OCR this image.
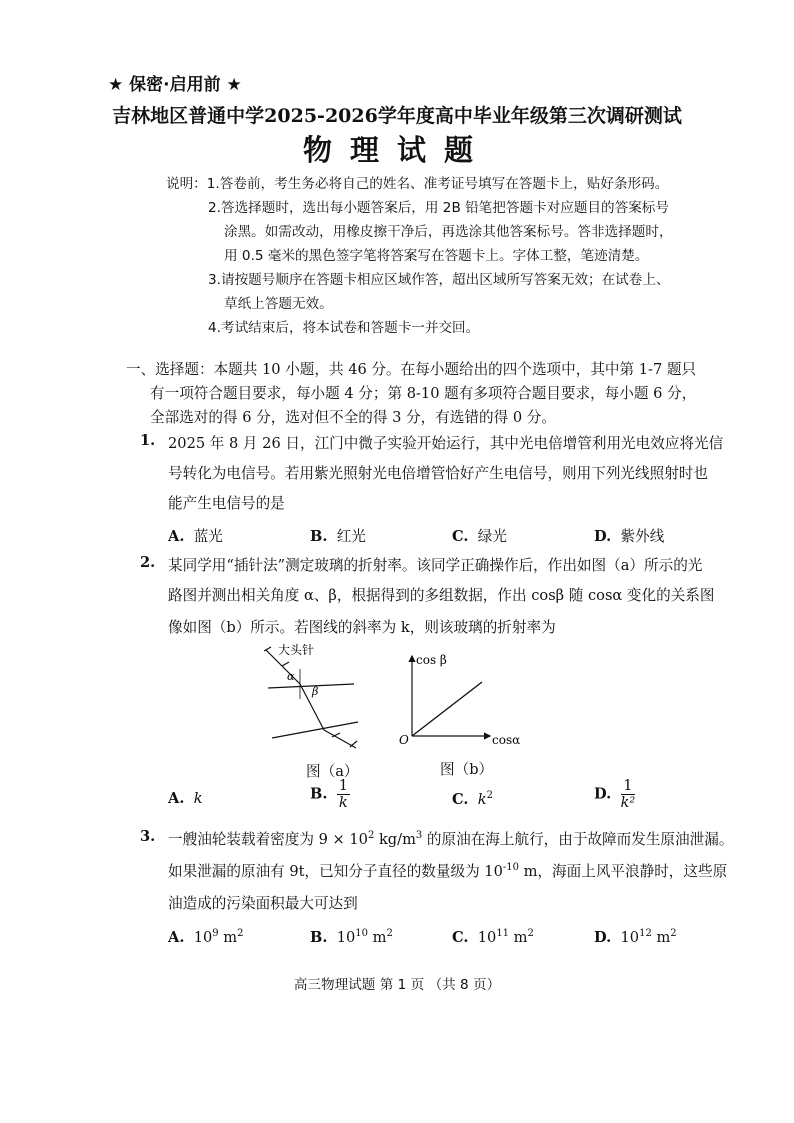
★ 保密·启用前 ★
吉林地区普通中学2025-2026学年度高中毕业年级第三次调研测试
物理试题
说明：1.答卷前，考生务必将自己的姓名、准考证号填写在答题卡上，贴好条形码。
2.答选择题时，选出每小题答案后，用 2B 铅笔把答题卡对应题目的答案标号
涂黑。如需改动，用橡皮擦干净后，再选涂其他答案标号。答非选择题时，
用 0.5 毫米的黑色签字笔将答案写在答题卡上。字体工整，笔迹清楚。
3.请按题号顺序在答题卡相应区域作答，超出区域所写答案无效；在试卷上、
草纸上答题无效。
4.考试结束后，将本试卷和答题卡一并交回。
一、选择题：本题共 10 小题，共 46 分。在每小题给出的四个选项中，其中第 1-7 题只
有一项符合题目要求，每小题 4 分；第 8-10 题有多项符合题目要求，每小题 6 分，
全部选对的得 6 分，选对但不全的得 3 分，有选错的得 0 分。
1. 2025 年 8 月 26 日，江门中微子实验开始运行，其中光电倍增管利用光电效应将光信
号转化为电信号。若用紫光照射光电倍增管恰好产生电信号，则用下列光线照射时也
能产生电信号的是
A. 蓝光	B. 红光	C. 绿光	D. 紫外线
2. 某同学用“插针法”测定玻璃的折射率。该同学正确操作后，作出如图（a）所示的光
路图并测出相关角度 α、β，根据得到的多组数据，作出 cosβ 随 cosα 变化的关系图
像如图（b）所示。若图线的斜率为 k，则该玻璃的折射率为
大头针
α
β
cos β
cosα
O
图（a）	图（b）
A. k	B. $\frac{1}{k}$	C. $k^2$	D. $\frac{1}{\text{k²}}$
3. 一艘油轮装载着密度为 $9 \times 10^2$ $kg/m^3$ 的原油在海上航行，由于故障而发生原油泄漏。
如果泄漏的原油有 9t，已知分子直径的数量级为 $10^{-10}$ m，海面上风平浪静时，这些原
油造成的污染面积最大可达到
A. $10^9$ $m^2$	B. $10^{10}$ $m^2$	C. $10^{11}$ $m^2$	D. $10^{12}$ $m^2$
高三物理试题 第 1 页 （共 8 页）
